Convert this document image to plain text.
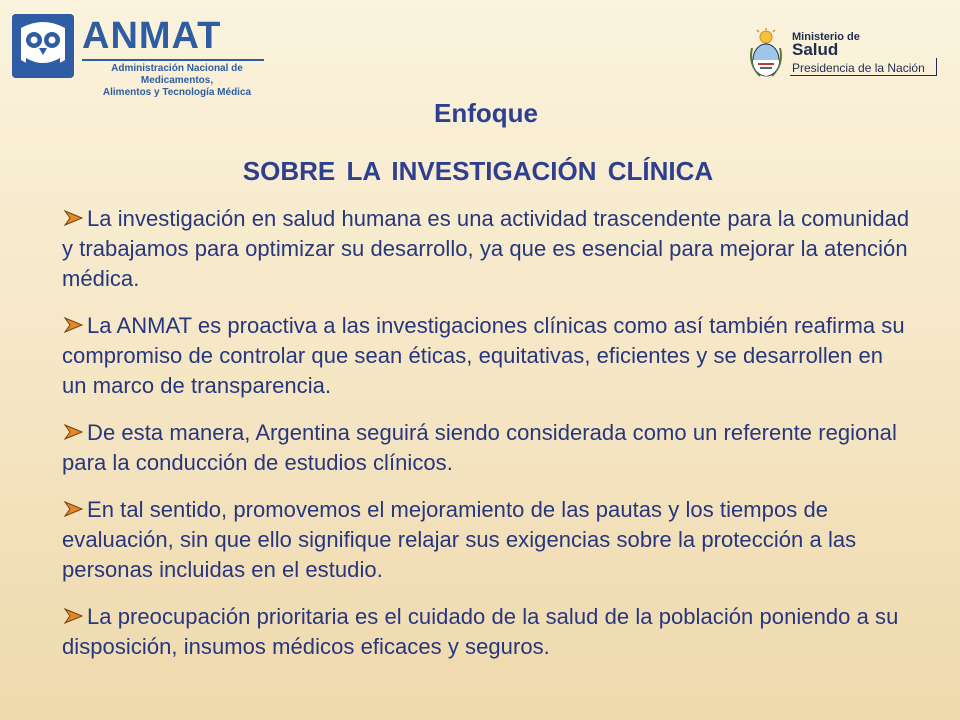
ANMAT
Administración Nacional de Medicamentos,
Alimentos y Tecnología Médica
Ministerio de
Salud
Presidencia de la Nación
Enfoque
SOBRE LA INVESTIGACIÓN CLÍNICA
La investigación en salud humana es una actividad trascendente para la comunidad y trabajamos para optimizar su desarrollo, ya que es esencial para mejorar la atención médica.
La ANMAT es proactiva a las investigaciones clínicas como así también reafirma su compromiso de controlar que sean éticas, equitativas, eficientes y se desarrollen en un marco de transparencia.
De esta manera, Argentina seguirá siendo considerada como un referente regional para la conducción de estudios clínicos.
En tal sentido, promovemos el mejoramiento de las pautas y los tiempos de evaluación, sin que ello signifique relajar sus exigencias sobre la protección a las personas incluidas en el estudio.
La preocupación prioritaria es el cuidado de la salud de la población poniendo a su disposición, insumos médicos eficaces y seguros.
